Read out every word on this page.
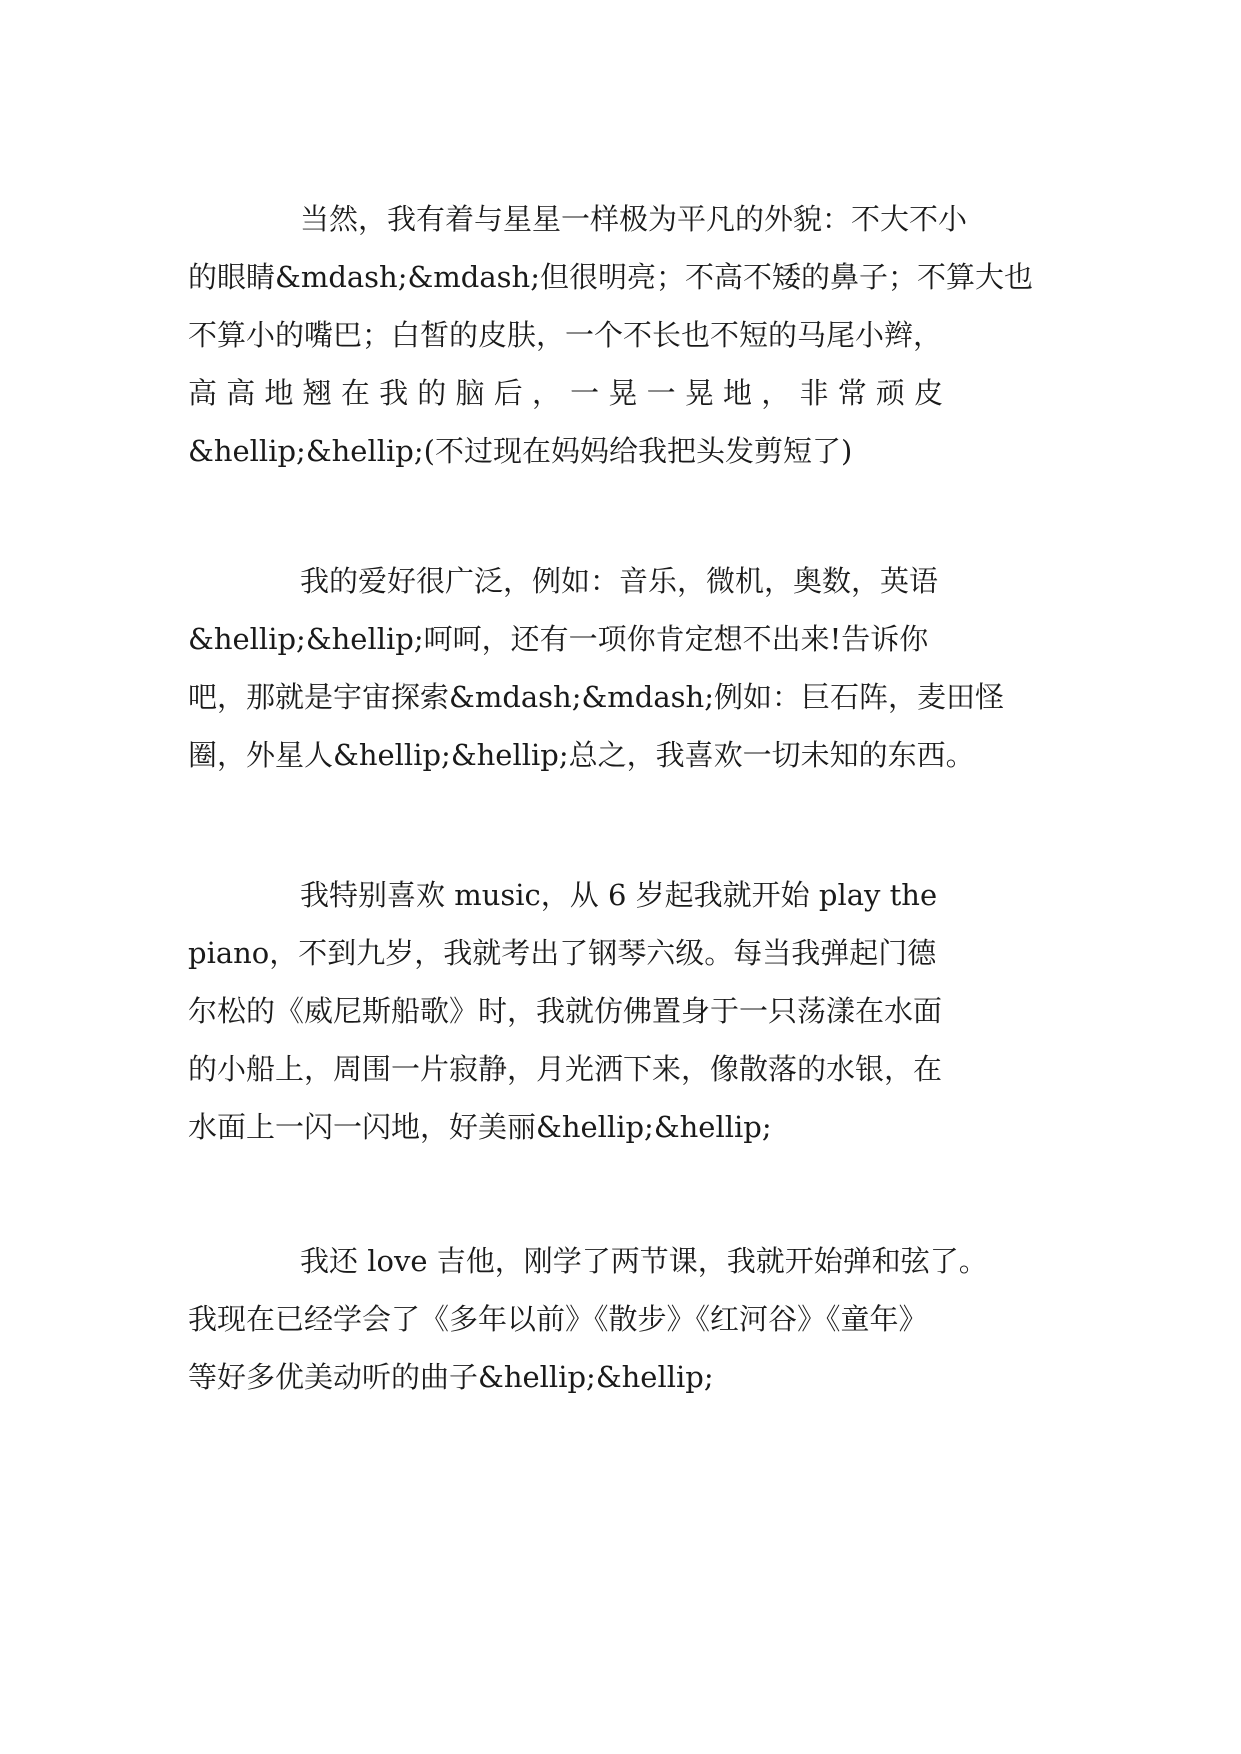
当然，我有着与星星一样极为平凡的外貌：不大不小
的眼睛&mdash;&mdash;但很明亮；不高不矮的鼻子；不算大也
不算小的嘴巴；白皙的皮肤，一个不长也不短的马尾小辫，
高 高 地 翘 在 我 的 脑 后 ， 一 晃 一 晃 地 ， 非 常 顽 皮
&hellip;&hellip;(不过现在妈妈给我把头发剪短了)
我的爱好很广泛，例如：音乐，微机，奥数，英语
&hellip;&hellip;呵呵，还有一项你肯定想不出来!告诉你
吧，那就是宇宙探索&mdash;&mdash;例如：巨石阵，麦田怪
圈，外星人&hellip;&hellip;总之，我喜欢一切未知的东西。
我特别喜欢 music，从 6 岁起我就开始 play the
piano，不到九岁，我就考出了钢琴六级。每当我弹起门德
尔松的《威尼斯船歌》时，我就仿佛置身于一只荡漾在水面
的小船上，周围一片寂静，月光洒下来，像散落的水银，在
水面上一闪一闪地，好美丽&hellip;&hellip;
我还 love 吉他，刚学了两节课，我就开始弹和弦了。
我现在已经学会了《多年以前》《散步》《红河谷》《童年》
等好多优美动听的曲子&hellip;&hellip;
